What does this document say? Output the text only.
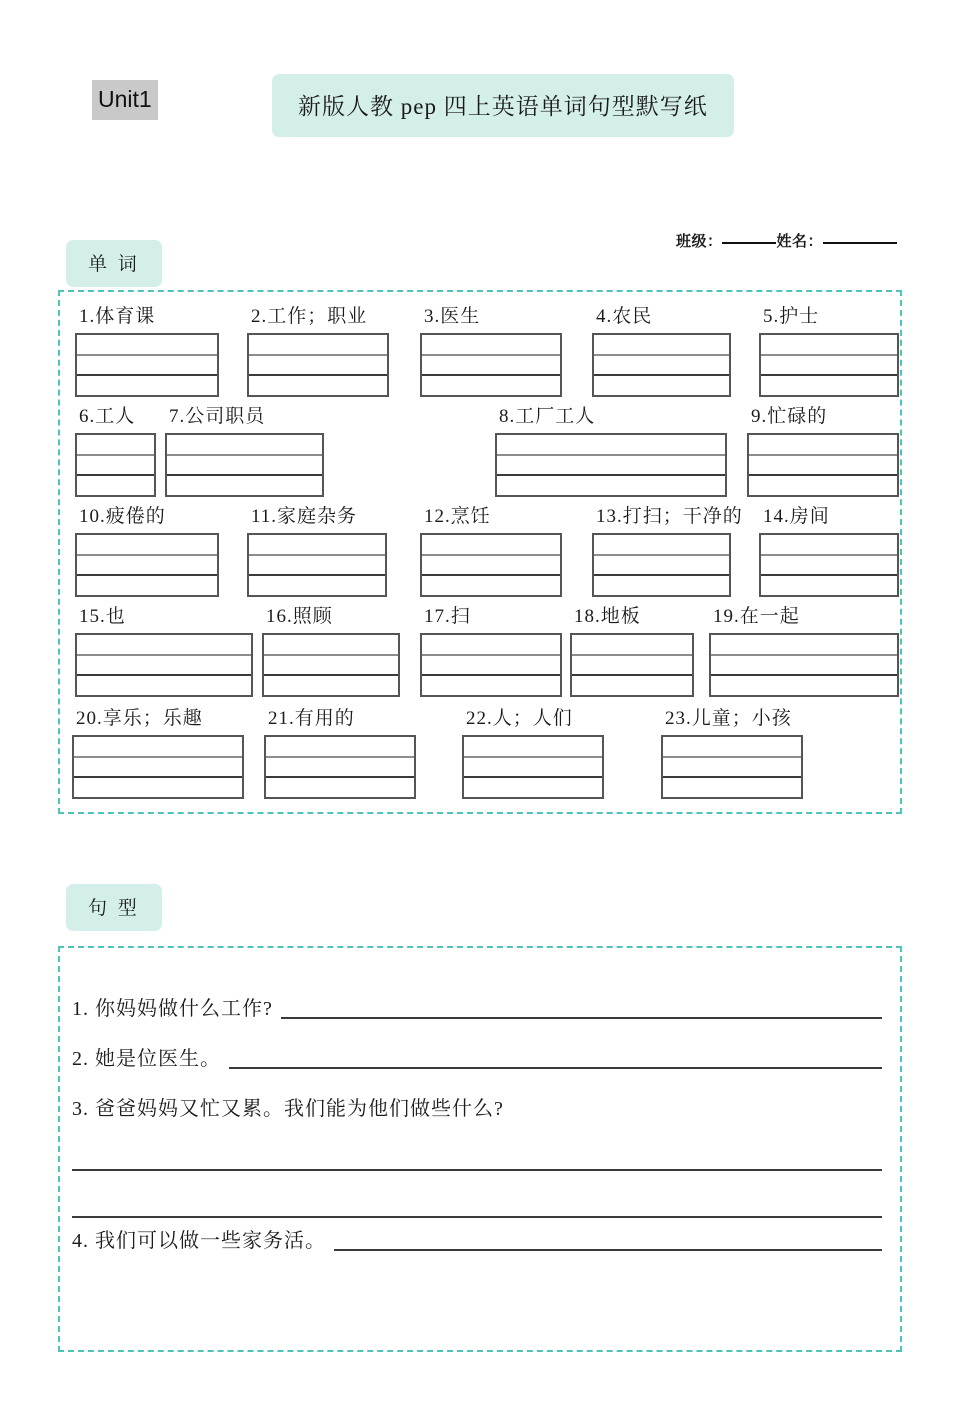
Unit1	新版人教 pep 四上英语单词句型默写纸
班级：	姓名：
单 词
1.体育课	2.工作；职业	3.医生	4.农民	5.护士
6.工人	7.公司职员	8.工厂工人	9.忙碌的
10.疲倦的	11.家庭杂务	12.烹饪	13.打扫；干净的 14.房间
15.也	16.照顾	17.扫	18.地板	19.在一起
20.享乐；乐趣	21.有用的	22.人；人们	23.儿童；小孩
句 型
1. 你妈妈做什么工作?
2. 她是位医生。
3. 爸爸妈妈又忙又累。我们能为他们做些什么?
4. 我们可以做一些家务活。
